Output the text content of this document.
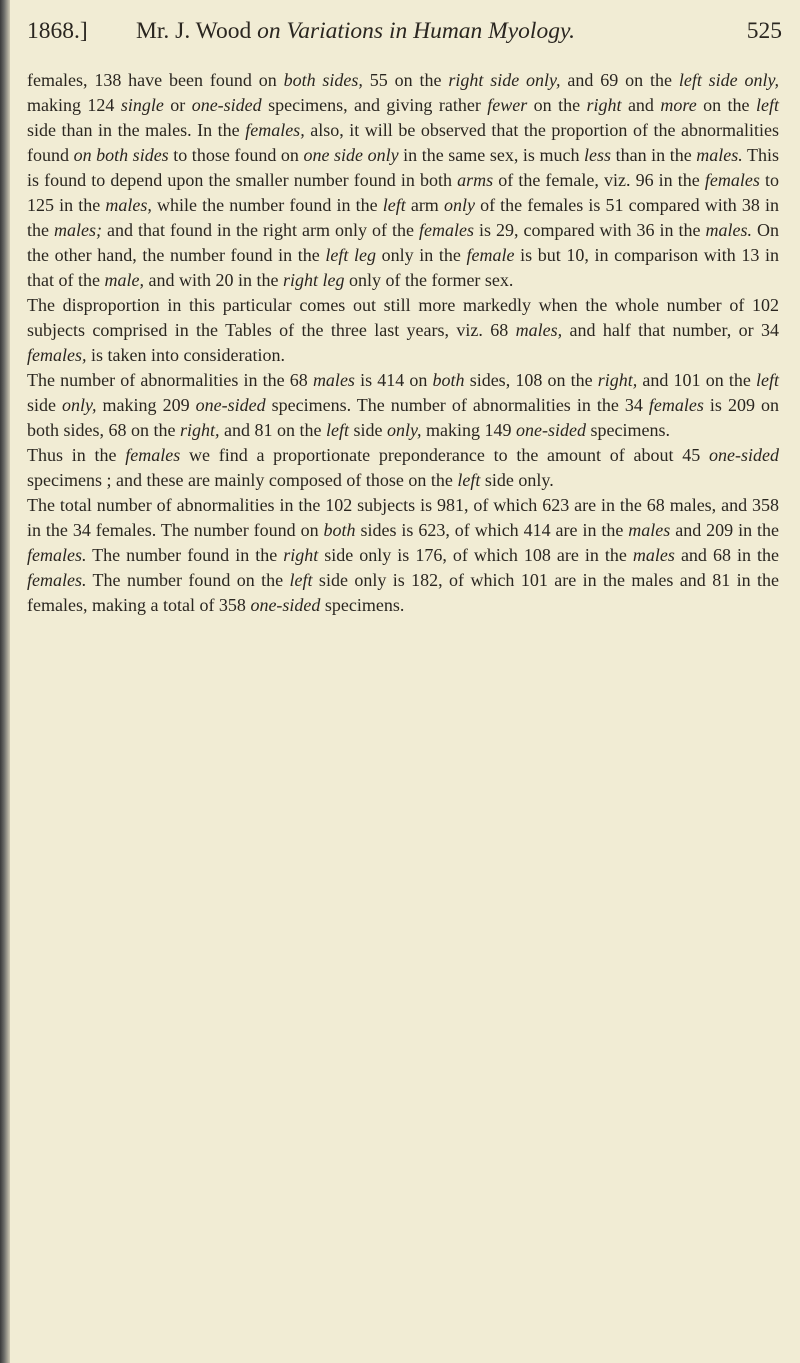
1868.] Mr. J. Wood on Variations in Human Myology.	525

females, 138 have been found on both sides, 55 on the right side only, and 69 on the left side only, making 124 single or one-sided specimens, and giving rather fewer on the right and more on the left side than in the males. In the females, also, it will be observed that the proportion of the abnormalities found on both sides to those found on one side only in the same sex, is much less than in the males. This is found to depend upon the smaller number found in both arms of the female, viz. 96 in the females to 125 in the males, while the number found in the left arm only of the females is 51 compared with 38 in the males; and that found in the right arm only of the females is 29, compared with 36 in the males. On the other hand, the number found in the left leg only in the female is but 10, in comparison with 13 in that of the male, and with 20 in the right leg only of the former sex.

The disproportion in this particular comes out still more markedly when the whole number of 102 subjects comprised in the Tables of the three last years, viz. 68 males, and half that number, or 34 females, is taken into consideration.

The number of abnormalities in the 68 males is 414 on both sides, 108 on the right, and 101 on the left side only, making 209 one-sided specimens. The number of abnormalities in the 34 females is 209 on both sides, 68 on the right, and 81 on the left side only, making 149 one-sided specimens.

Thus in the females we find a proportionate preponderance to the amount of about 45 one-sided specimens ; and these are mainly composed of those on the left side only.

The total number of abnormalities in the 102 subjects is 981, of which 623 are in the 68 males, and 358 in the 34 females. The number found on both sides is 623, of which 414 are in the males and 209 in the females. The number found in the right side only is 176, of which 108 are in the males and 68 in the females. The number found on the left side only is 182, of which 101 are in the males and 81 in the females, making a total of 358 one-sided specimens.
